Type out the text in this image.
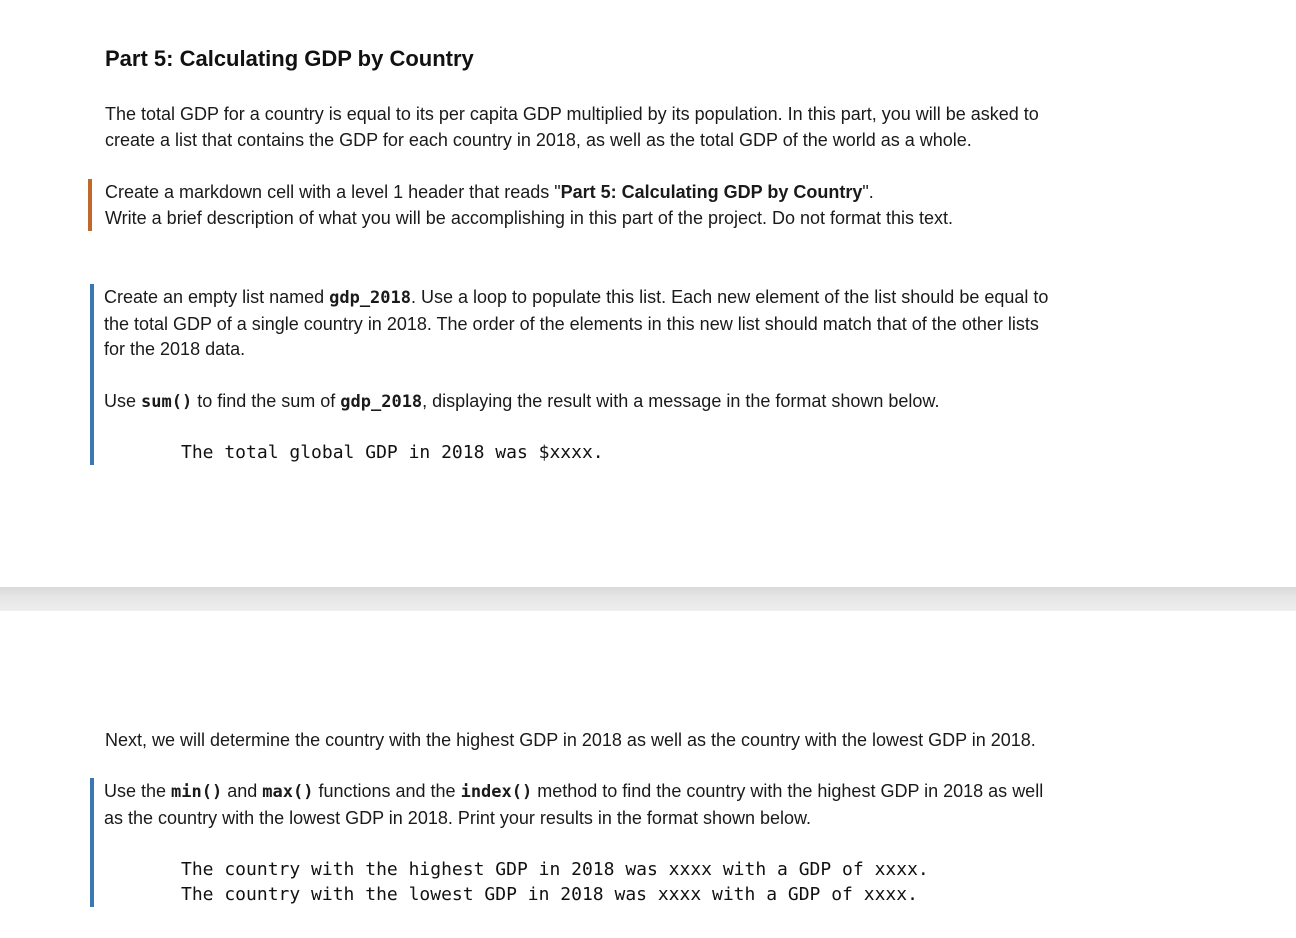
Part 5: Calculating GDP by Country

The total GDP for a country is equal to its per capita GDP multiplied by its population. In this part, you will be asked to
create a list that contains the GDP for each country in 2018, as well as the total GDP of the world as a whole.

Create a markdown cell with a level 1 header that reads "Part 5: Calculating GDP by Country".
Write a brief description of what you will be accomplishing in this part of the project. Do not format this text.

Create an empty list named gdp_2018. Use a loop to populate this list. Each new element of the list should be equal to
the total GDP of a single country in 2018. The order of the elements in this new list should match that of the other lists
for the 2018 data.

Use sum() to find the sum of gdp_2018, displaying the result with a message in the format shown below.

The total global GDP in 2018 was $xxxx.

Next, we will determine the country with the highest GDP in 2018 as well as the country with the lowest GDP in 2018.

Use the min() and max() functions and the index() method to find the country with the highest GDP in 2018 as well
as the country with the lowest GDP in 2018. Print your results in the format shown below.

The country with the highest GDP in 2018 was xxxx with a GDP of xxxx.
The country with the lowest GDP in 2018 was xxxx with a GDP of xxxx.
